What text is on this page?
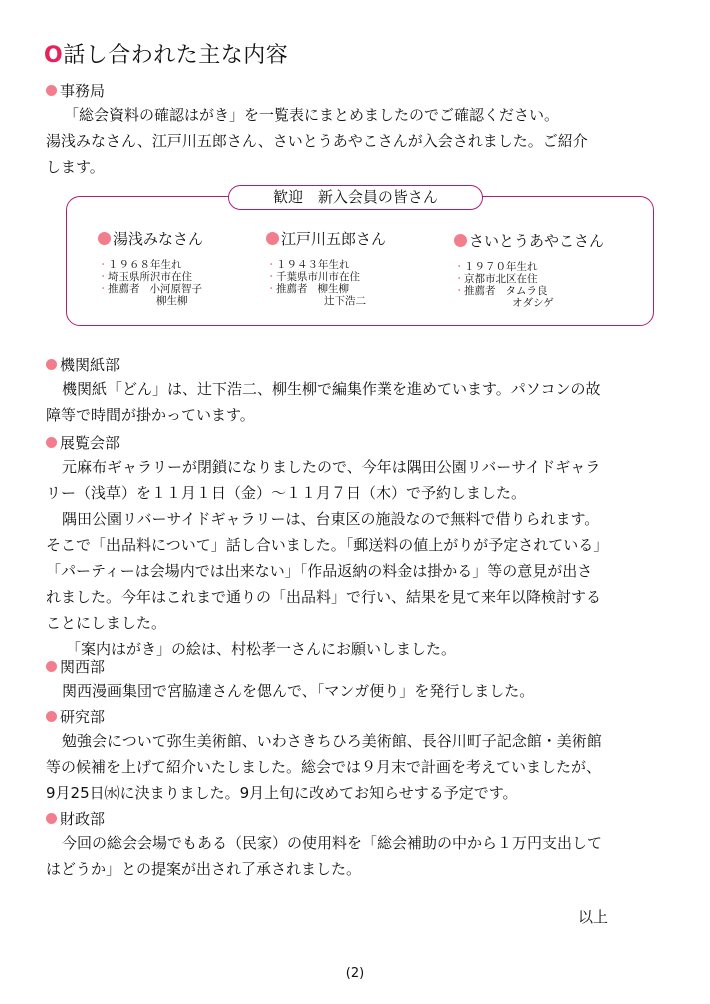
O話し合われた主な内容
事務局
「総会資料の確認はがき」を一覧表にまとめましたのでご確認ください。
湯浅みなさん、江戸川五郎さん、さいとうあやこさんが入会されました。ご紹介
します。
歓迎 新入会員の皆さん
湯浅みなさん
・ １９６８年生れ
・ 埼玉県所沢市在住
・ 推薦者
小河原智子
柳生柳
江戸川五郎さん
・ １９４３年生れ
・ 千葉県市川市在住
・ 推薦者
柳生柳
辻下浩二
さいとうあやこさん
・ １９７０年生れ
・ 京都市北区在住
・ 推薦者
タムラ良
オダシゲ
機関紙部
機関紙「どん」は、辻下浩二、柳生柳で編集作業を進めています。パソコンの故
障等で時間が掛かっています。
展覧会部
元麻布ギャラリーが閉鎖になりましたので、今年は隅田公園リバーサイドギャラ
リー（浅草）を１１月１日（金）～１１月７日（木）で予約しました。
隅田公園リバーサイドギャラリーは、台東区の施設なので無料で借りられます。
そこで「出品料について」話し合いました。「郵送料の値上がりが予定されている」
「パーティーは会場内では出来ない」「作品返納の料金は掛かる」等の意見が出さ
れました。今年はこれまで通りの「出品料」で行い、結果を見て来年以降検討する
ことにしました。
「案内はがき」の絵は、村松孝一さんにお願いしました。
関西部
関西漫画集団で宮脇達さんを偲んで、「マンガ便り」を発行しました。
研究部
勉強会について弥生美術館、いわさきちひろ美術館、長谷川町子記念館・美術館
等の候補を上げて紹介いたしました。総会では９月末で計画を考えていましたが、
9月25日㈬に決まりました。9月上旬に改めてお知らせする予定です。
財政部
今回の総会会場でもある（民家）の使用料を「総会補助の中から１万円支出して
はどうか」との提案が出され了承されました。
以上
(2)
